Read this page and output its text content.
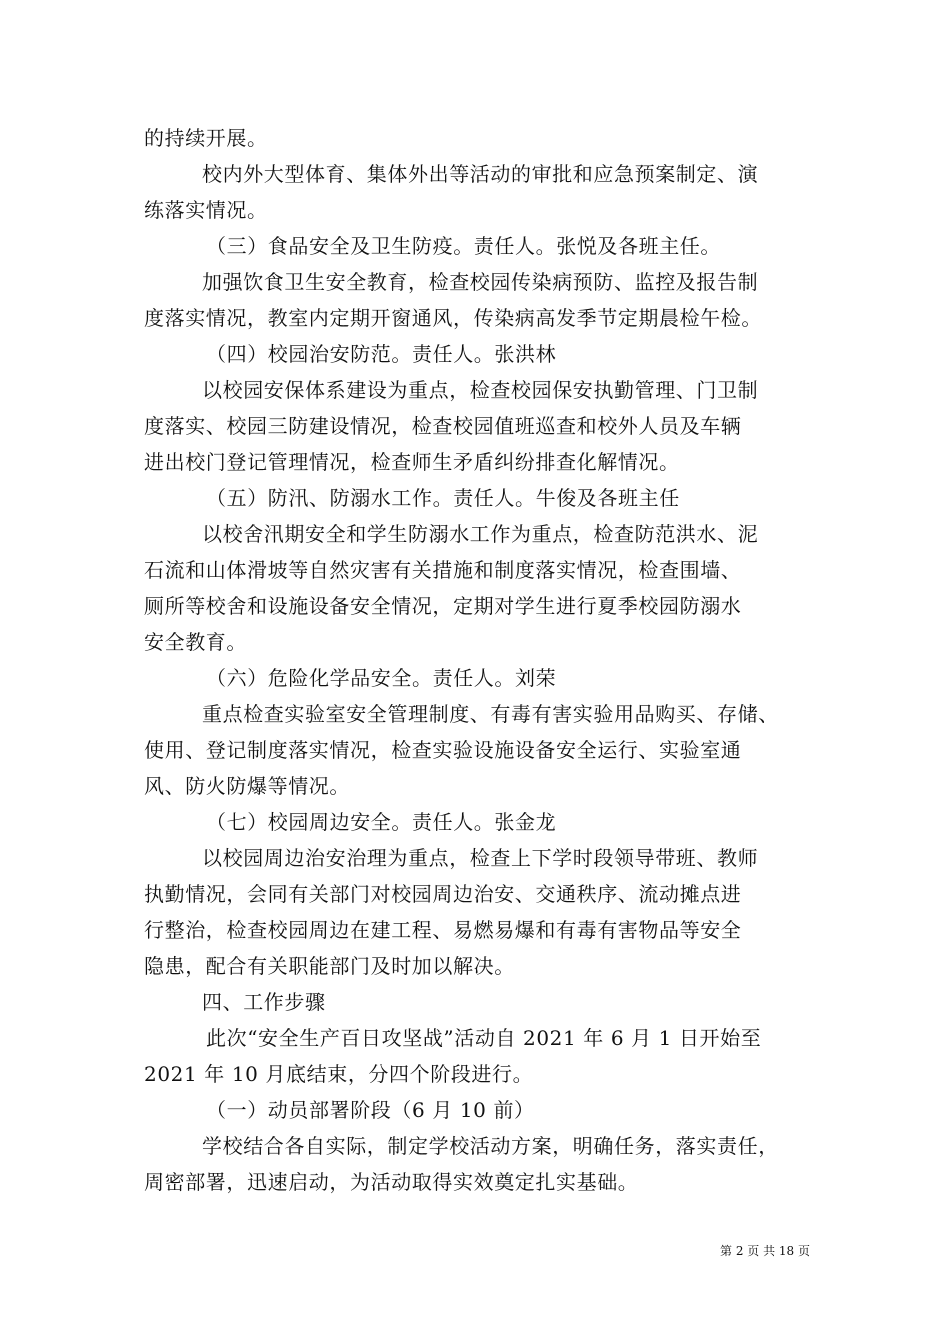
的持续开展。
校内外大型体育、集体外出等活动的审批和应急预案制定、演
练落实情况。
（三）食品安全及卫生防疫。责任人。张悦及各班主任。
加强饮食卫生安全教育，检查校园传染病预防、监控及报告制
度落实情况，教室内定期开窗通风，传染病高发季节定期晨检午检。
（四）校园治安防范。责任人。张洪林
以校园安保体系建设为重点，检查校园保安执勤管理、门卫制
度落实、校园三防建设情况，检查校园值班巡查和校外人员及车辆
进出校门登记管理情况，检查师生矛盾纠纷排查化解情况。
（五）防汛、防溺水工作。责任人。牛俊及各班主任
以校舍汛期安全和学生防溺水工作为重点，检查防范洪水、泥
石流和山体滑坡等自然灾害有关措施和制度落实情况，检查围墙、
厕所等校舍和设施设备安全情况，定期对学生进行夏季校园防溺水
安全教育。
（六）危险化学品安全。责任人。刘荣
重点检查实验室安全管理制度、有毒有害实验用品购买、存储、
使用、登记制度落实情况，检查实验设施设备安全运行、实验室通
风、防火防爆等情况。
（七）校园周边安全。责任人。张金龙
以校园周边治安治理为重点，检查上下学时段领导带班、教师
执勤情况，会同有关部门对校园周边治安、交通秩序、流动摊点进
行整治，检查校园周边在建工程、易燃易爆和有毒有害物品等安全
隐患，配合有关职能部门及时加以解决。
四、工作步骤
此次“安全生产百日攻坚战”活动自 2021 年 6 月 1 日开始至
2021 年 10 月底结束，分四个阶段进行。
（一）动员部署阶段（6 月 10 前）
学校结合各自实际，制定学校活动方案，明确任务，落实责任，
周密部署，迅速启动，为活动取得实效奠定扎实基础。
第 2 页 共 18 页
